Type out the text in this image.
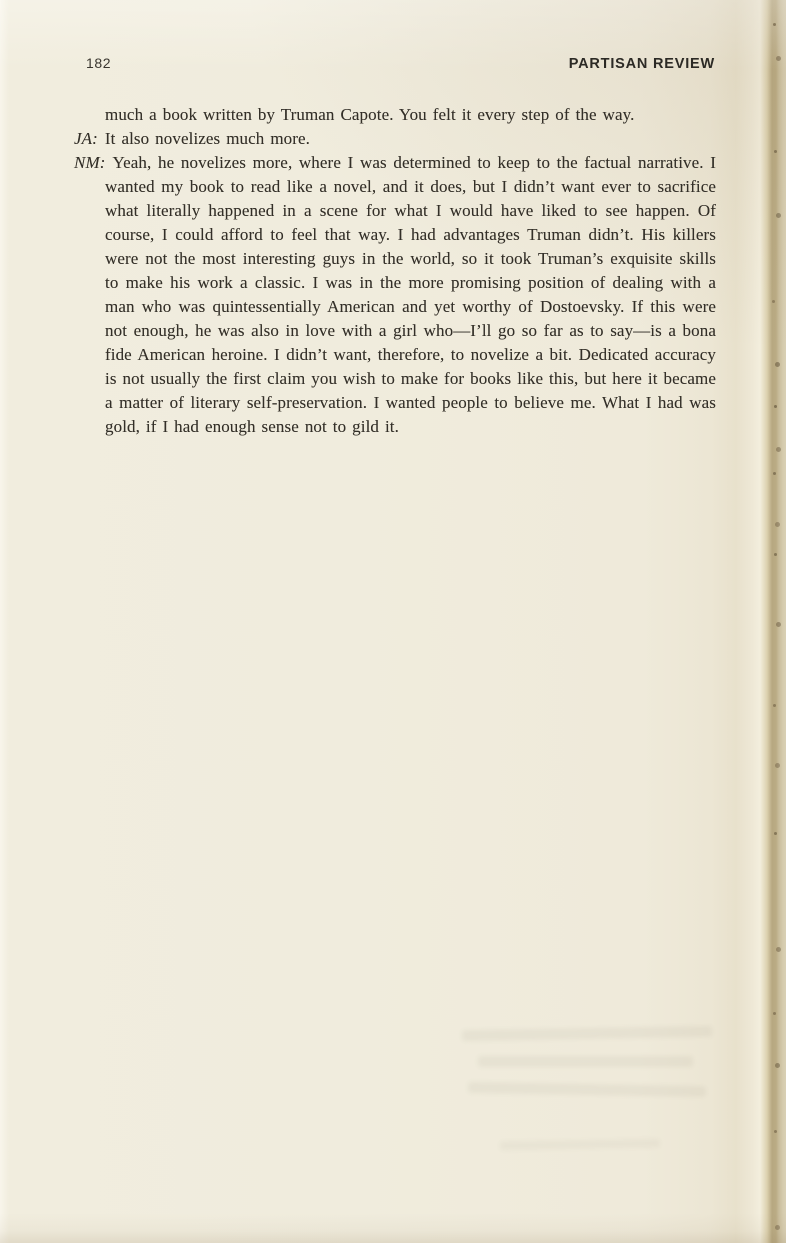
182	PARTISAN REVIEW

much a book written by Truman Capote. You felt it every step of the way.

JA: It also novelizes much more.

NM: Yeah, he novelizes more, where I was determined to keep to the factual narrative. I wanted my book to read like a novel, and it does, but I didn’t want ever to sacrifice what literally happened in a scene for what I would have liked to see happen. Of course, I could afford to feel that way. I had advantages Truman didn’t. His killers were not the most interesting guys in the world, so it took Truman’s exquisite skills to make his work a classic. I was in the more promising position of dealing with a man who was quintessentially American and yet worthy of Dostoevsky. If this were not enough, he was also in love with a girl who—I’ll go so far as to say—is a bona fide American heroine. I didn’t want, therefore, to novelize a bit. Dedicated accuracy is not usually the first claim you wish to make for books like this, but here it became a matter of literary self-preservation. I wanted people to believe me. What I had was gold, if I had enough sense not to gild it.
